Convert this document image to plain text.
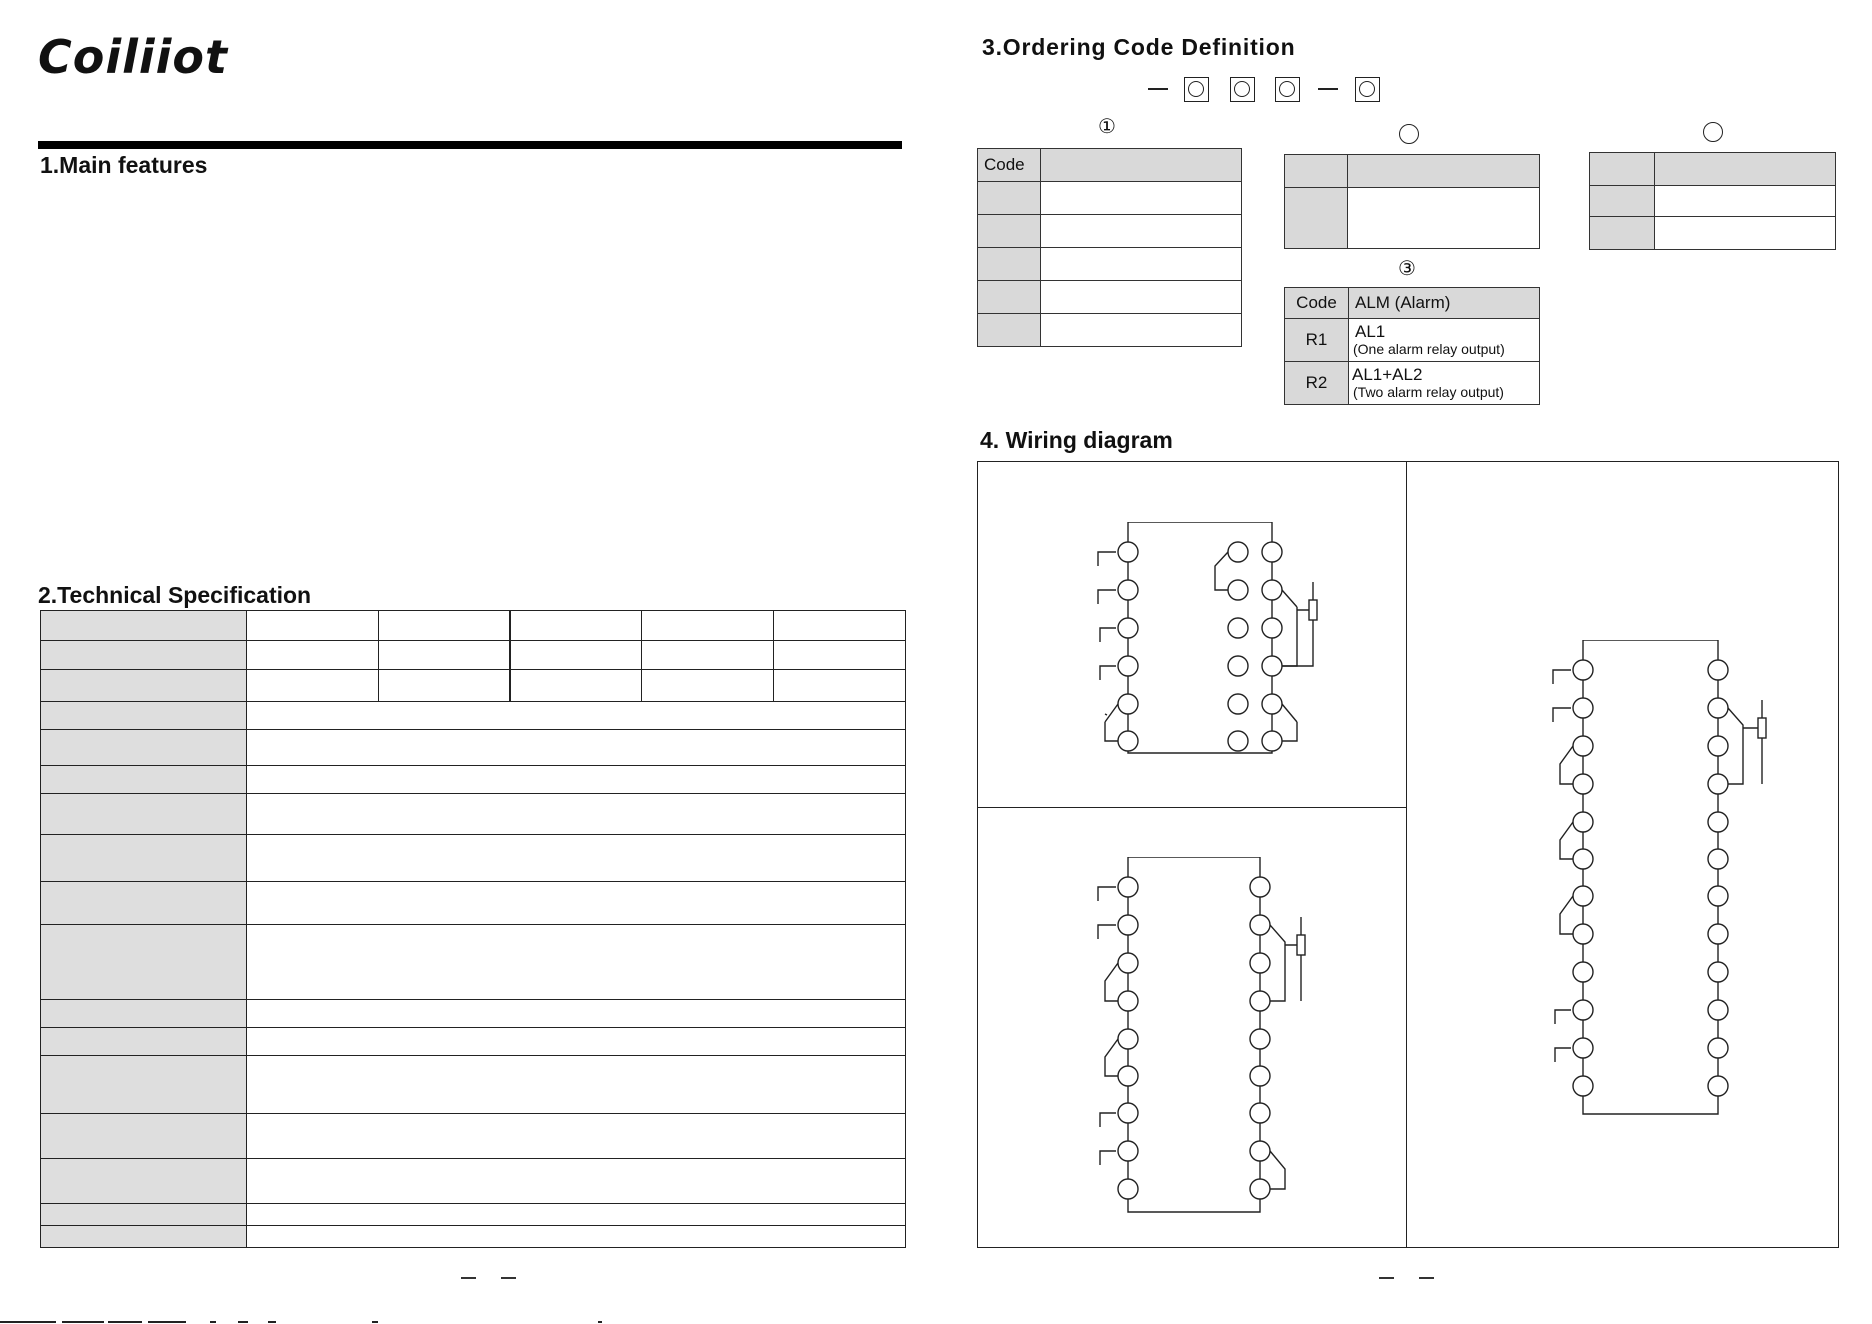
Coiliiot
1.Main features
2.Technical Specification
3.Ordering Code Definition
4. Wiring diagram

①
Code	

③
Code	ALM (Alarm)
R1	AL1
(One alarm relay output)

R2	AL1+AL2
(Two alarm relay output)
